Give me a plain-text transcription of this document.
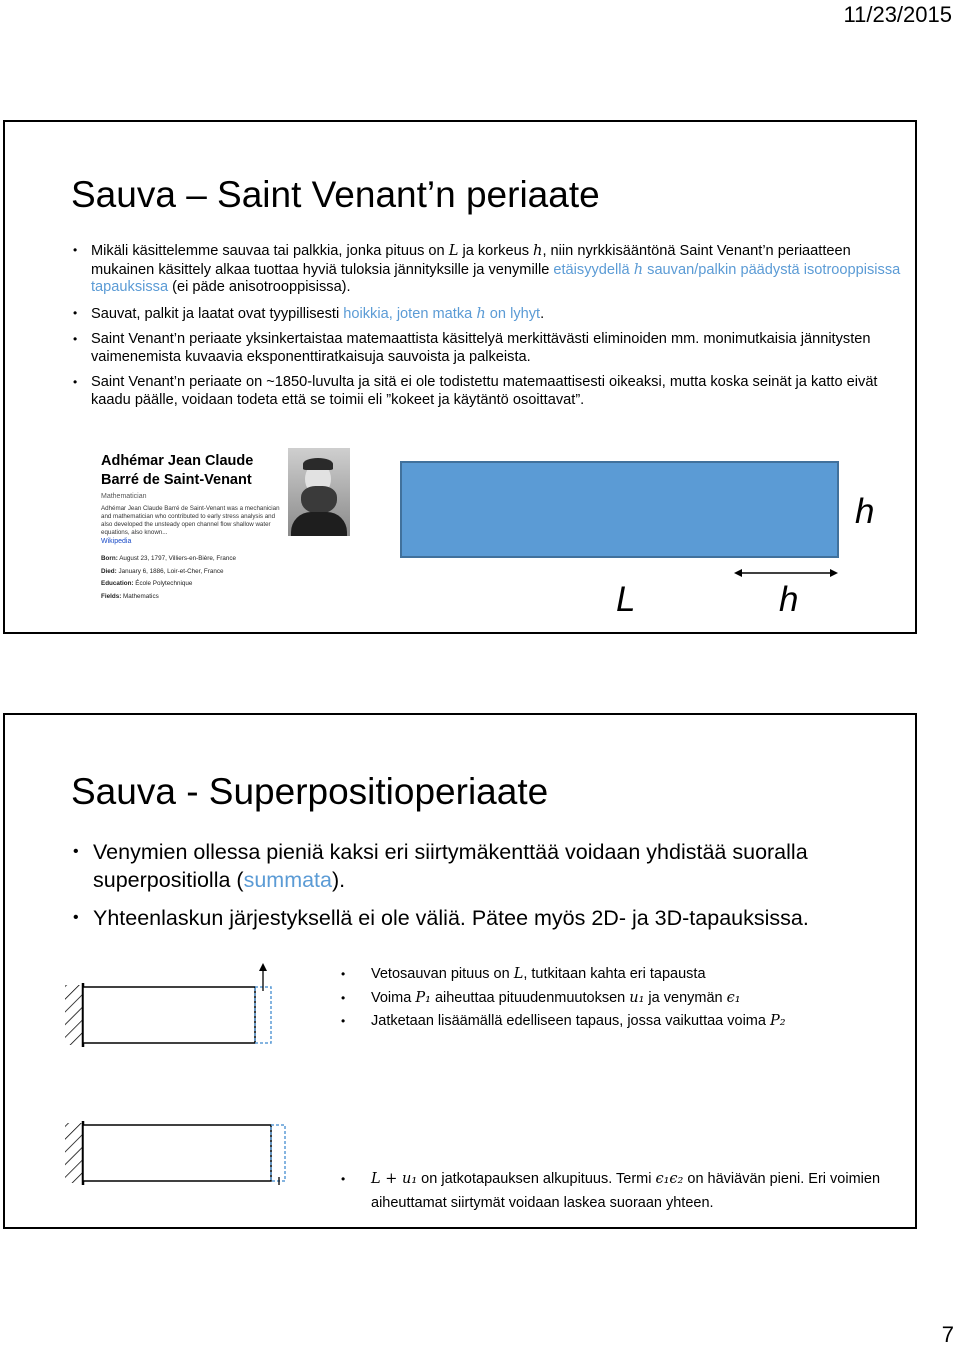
11/23/2015
Sauva – Saint Venant’n periaate
• Mikäli käsittelemme sauvaa tai palkkia, jonka pituus on L ja korkeus h, niin nyrkkisääntönä Saint Venant’n periaatteen mukainen käsittely alkaa tuottaa hyviä tuloksia jännityksille ja venymille etäisyydellä h sauvan/palkin päädystä isotrooppisissa tapauksissa (ei päde anisotrooppisissa).
• Sauvat, palkit ja laatat ovat tyypillisesti hoikkia, joten matka h on lyhyt.
• Saint Venant’n periaate yksinkertaistaa matemaattista käsittelyä merkittävästi eliminoiden mm. monimutkaisia jännitysten vaimenemista kuvaavia eksponenttiratkaisuja sauvoista ja palkeista.
• Saint Venant’n periaate on ~1850-luvulta ja sitä ei ole todistettu matemaattisesti oikeaksi, mutta koska seinät ja katto eivät kaadu päälle, voidaan todeta että se toimii eli ”kokeet ja käytäntö osoittavat”.
Adhémar Jean Claude Barré de Saint-Venant
Mathematician
Adhémar Jean Claude Barré de Saint-Venant was a mechanician and mathematician who contributed to early stress analysis and also developed the unsteady open channel flow shallow water equations, also known...
Wikipedia
Born: August 23, 1797, Villiers-en-Bière, France
Died: January 6, 1886, Loir-et-Cher, France
Education: École Polytechnique
Fields: Mathematics
h
L	h
Sauva - Superpositioperiaate
• Venymien ollessa pieniä kaksi eri siirtymäkenttää voidaan yhdistää suoralla superpositiolla (summata).
• Yhteenlaskun järjestyksellä ei ole väliä. Pätee myös 2D- ja 3D-tapauksissa.
• Vetosauvan pituus on L, tutkitaan kahta eri tapausta
• Voima P₁ aiheuttaa pituudenmuutoksen u₁ ja venymän ϵ₁
• Jatketaan lisäämällä edelliseen tapaus, jossa vaikuttaa voima P₂
• L + u₁ on jatkotapauksen alkupituus. Termi ϵ₁ϵ₂ on häviävän pieni. Eri voimien aiheuttamat siirtymät voidaan laskea suoraan yhteen.
7
